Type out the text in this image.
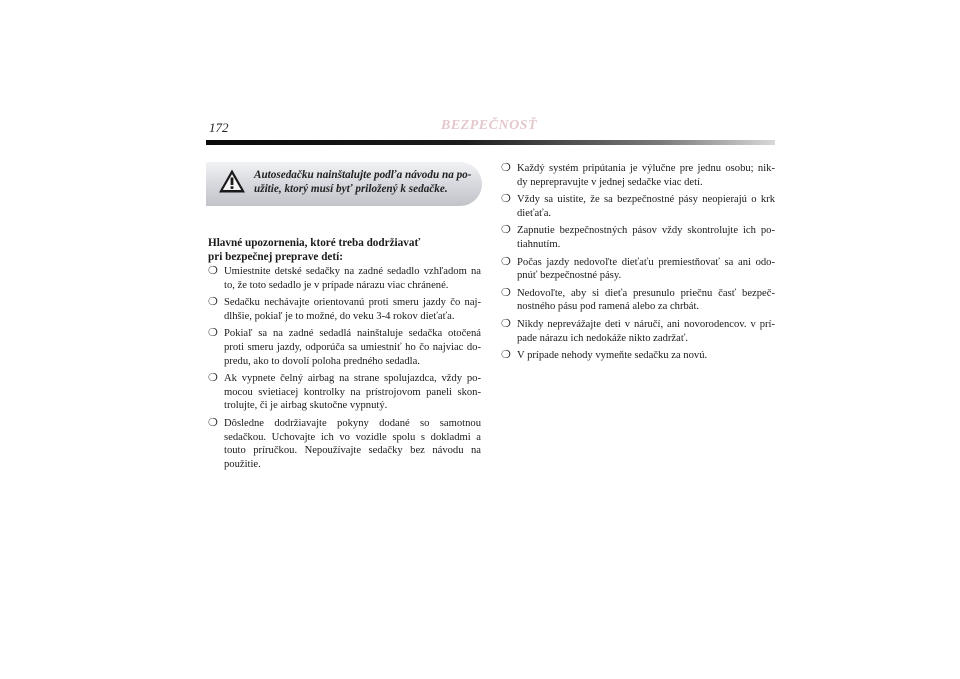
172	BEZPEČNOSŤ
Autosedačku nainštalujte podľa návodu na po- užitie, ktorý musí byť priložený k sedačke.
Hlavné upozornenia, ktoré treba dodržiavať
pri bezpečnej preprave detí:
❍ Umiestnite detské sedačky na zadné sedadlo vzhľadom na to, že toto sedadlo je v prípade nárazu viac chránené.
❍ Sedačku nechávajte orientovanú proti smeru jazdy čo naj- dlhšie, pokiaľ je to možné, do veku 3-4 rokov dieťaťa.
❍ Pokiaľ sa na zadné sedadlá nainštaluje sedačka otočená proti smeru jazdy, odporúča sa umiestniť ho čo najviac do- predu, ako to dovolí poloha predného sedadla.
❍ Ak vypnete čelný airbag na strane spolujazdca, vždy po- mocou svietiacej kontrolky na prístrojovom paneli skon- trolujte, či je airbag skutočne vypnutý.
❍ Dôsledne dodržiavajte pokyny dodané so samotnou sedačkou. Uchovajte ich vo vozidle spolu s dokladmi a touto príručkou. Nepoužívajte sedačky bez návodu na použitie.
❍ Každý systém pripútania je výlučne pre jednu osobu; nik- dy neprepravujte v jednej sedačke viac detí.
❍ Vždy sa uistite, že sa bezpečnostné pásy neopierajú o krk dieťaťa.
❍ Zapnutie bezpečnostných pásov vždy skontrolujte ich po- tiahnutím.
❍ Počas jazdy nedovoľte dieťaťu premiestňovať sa ani odo- pnúť bezpečnostné pásy.
❍ Nedovoľte, aby si dieťa presunulo priečnu časť bezpeč- nostného pásu pod ramená alebo za chrbát.
❍ Nikdy neprevážajte deti v náručí, ani novorodencov. v prí- pade nárazu ich nedokáže nikto zadržať.
❍ V prípade nehody vymeňte sedačku za novú.
